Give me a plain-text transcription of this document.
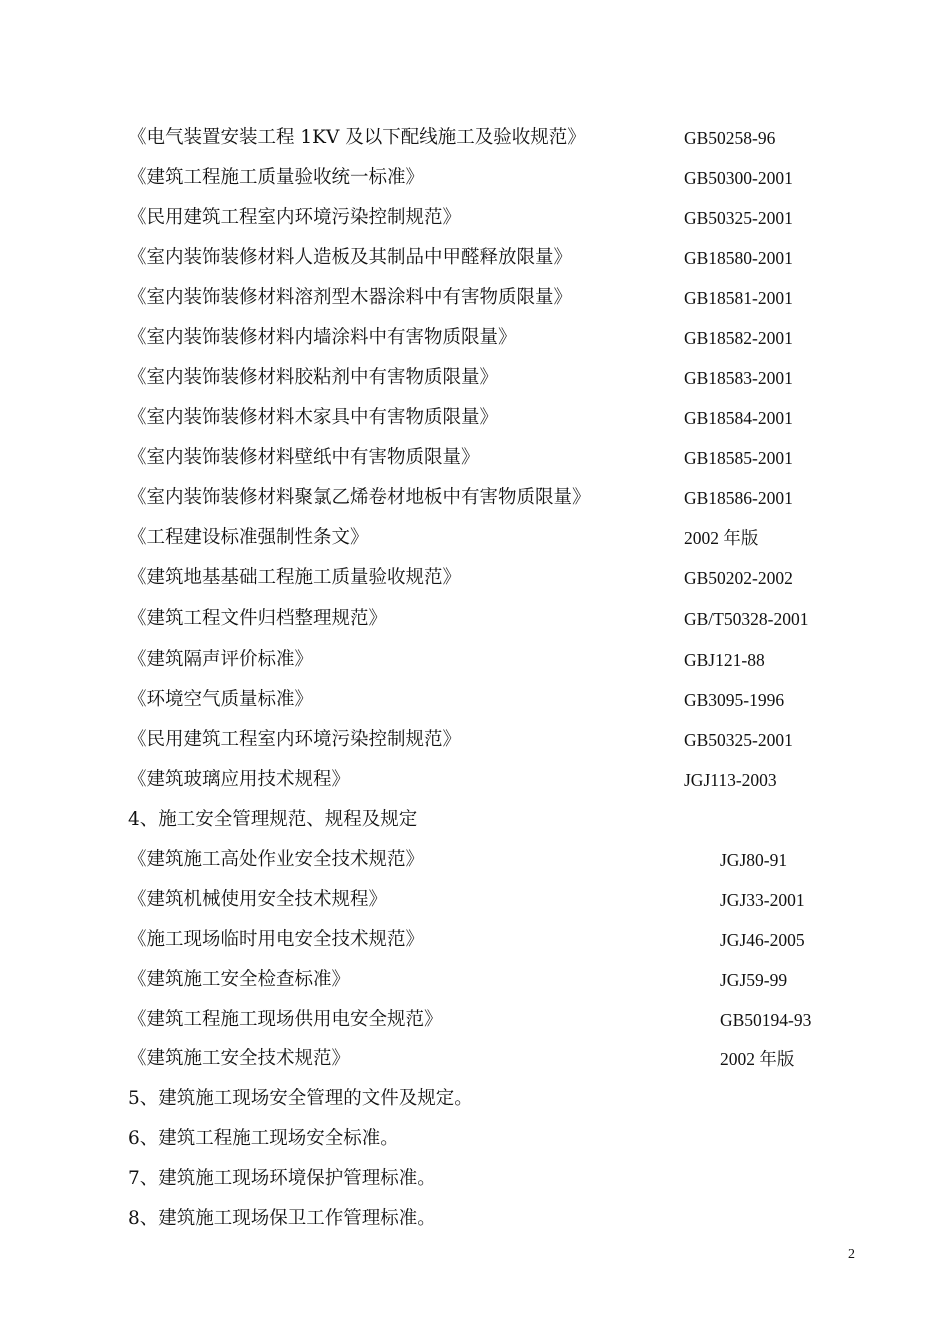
《电气装置安装工程 1KV 及以下配线施工及验收规范》	GB50258-96
《建筑工程施工质量验收统一标准》	GB50300-2001
《民用建筑工程室内环境污染控制规范》	GB50325-2001
《室内装饰装修材料人造板及其制品中甲醛释放限量》	GB18580-2001
《室内装饰装修材料溶剂型木器涂料中有害物质限量》	GB18581-2001
《室内装饰装修材料内墙涂料中有害物质限量》	GB18582-2001
《室内装饰装修材料胶粘剂中有害物质限量》	GB18583-2001
《室内装饰装修材料木家具中有害物质限量》	GB18584-2001
《室内装饰装修材料壁纸中有害物质限量》	GB18585-2001
《室内装饰装修材料聚氯乙烯卷材地板中有害物质限量》	GB18586-2001
《工程建设标准强制性条文》	2002 年版
《建筑地基基础工程施工质量验收规范》	GB50202-2002
《建筑工程文件归档整理规范》	GB/T50328-2001
《建筑隔声评价标准》	GBJ121-88
《环境空气质量标准》	GB3095-1996
《民用建筑工程室内环境污染控制规范》	GB50325-2001
《建筑玻璃应用技术规程》	JGJ113-2003
4、施工安全管理规范、规程及规定
《建筑施工高处作业安全技术规范》	JGJ80-91
《建筑机械使用安全技术规程》	JGJ33-2001
《施工现场临时用电安全技术规范》	JGJ46-2005
《建筑施工安全检查标准》	JGJ59-99
《建筑工程施工现场供用电安全规范》	GB50194-93
《建筑施工安全技术规范》	2002 年版
5、建筑施工现场安全管理的文件及规定。
6、建筑工程施工现场安全标准。
7、建筑施工现场环境保护管理标准。
8、建筑施工现场保卫工作管理标准。
2
